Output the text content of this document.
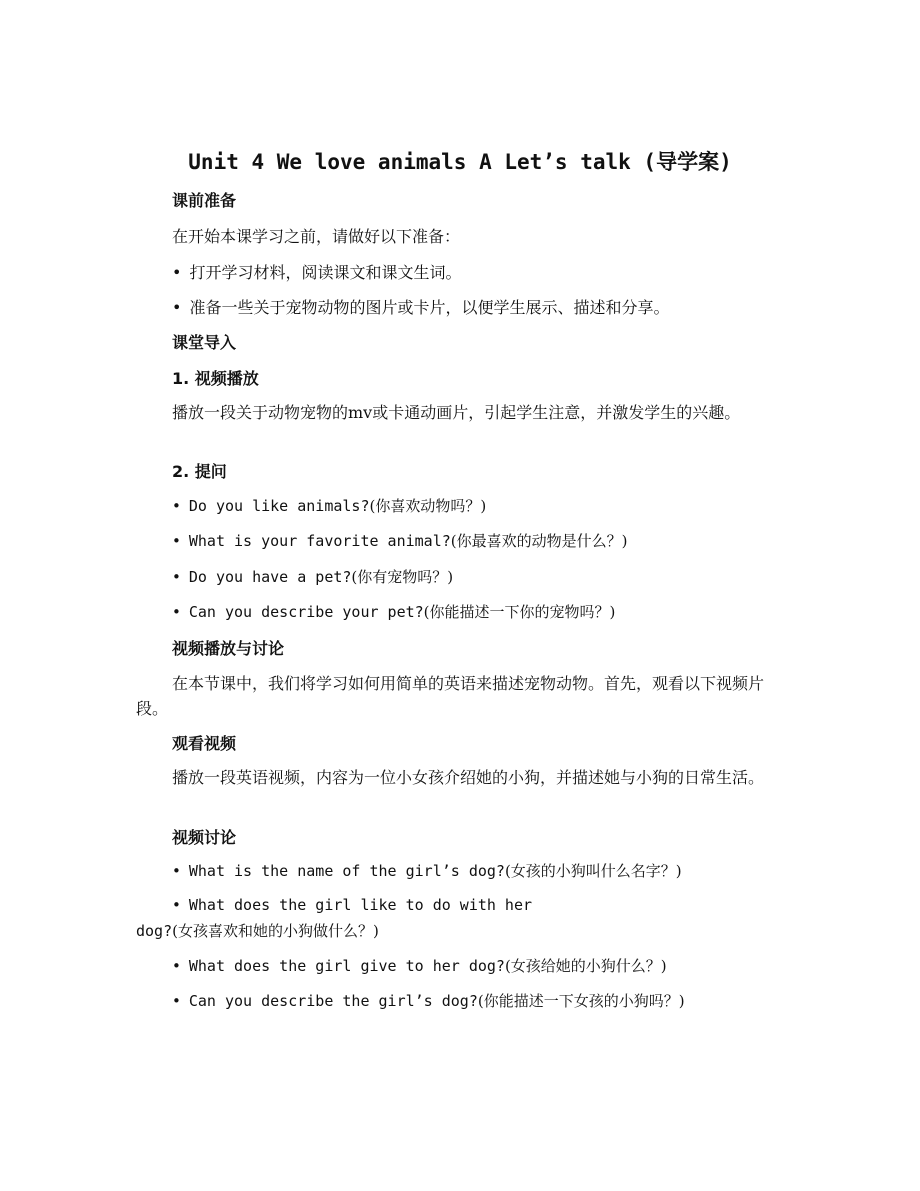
Unit 4 We love animals A Let’s talk (导学案)
课前准备
在开始本课学习之前，请做好以下准备：
• 打开学习材料，阅读课文和课文生词。
• 准备一些关于宠物动物的图片或卡片，以便学生展示、描述和分享。
课堂导入
1. 视频播放
播放一段关于动物宠物的mv或卡通动画片，引起学生注意，并激发学生的兴趣。
2. 提问
• Do you like animals?(你喜欢动物吗？)
• What is your favorite animal?(你最喜欢的动物是什么？)
• Do you have a pet?(你有宠物吗？)
• Can you describe your pet?(你能描述一下你的宠物吗？)
视频播放与讨论
在本节课中，我们将学习如何用简单的英语来描述宠物动物。首先，观看以下视频片段。
观看视频
播放一段英语视频，内容为一位小女孩介绍她的小狗，并描述她与小狗的日常生活。
视频讨论
• What is the name of the girl’s dog?(女孩的小狗叫什么名字？)
• What does the girl like to do with her
dog?(女孩喜欢和她的小狗做什么？)
• What does the girl give to her dog?(女孩给她的小狗什么？)
• Can you describe the girl’s dog?(你能描述一下女孩的小狗吗？)
